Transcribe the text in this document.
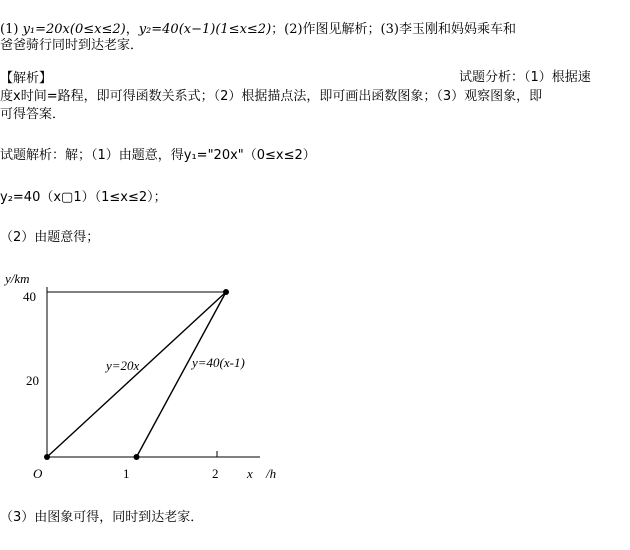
(1) y₁=20x(0≤x≤2)，y₂=40(x−1)(1≤x≤2)；(2)作图见解析；(3)李玉刚和妈妈乘车和
爸爸骑行同时到达老家．
【解析】	试题分析：（1）根据速
度x时间=路程，即可得函数关系式；（2）根据描点法，即可画出函数图象；（3）观察图象，即
可得答案．
试题解析：解；（1）由题意，得y₁="20x"（0≤x≤2）
y₂=40（x▢1）（1≤x≤2）；
（2）由题意得；
y/km
x /h
O
40
20
1	2
y=20x	y=40(x-1)
（3）由图象可得，同时到达老家．
